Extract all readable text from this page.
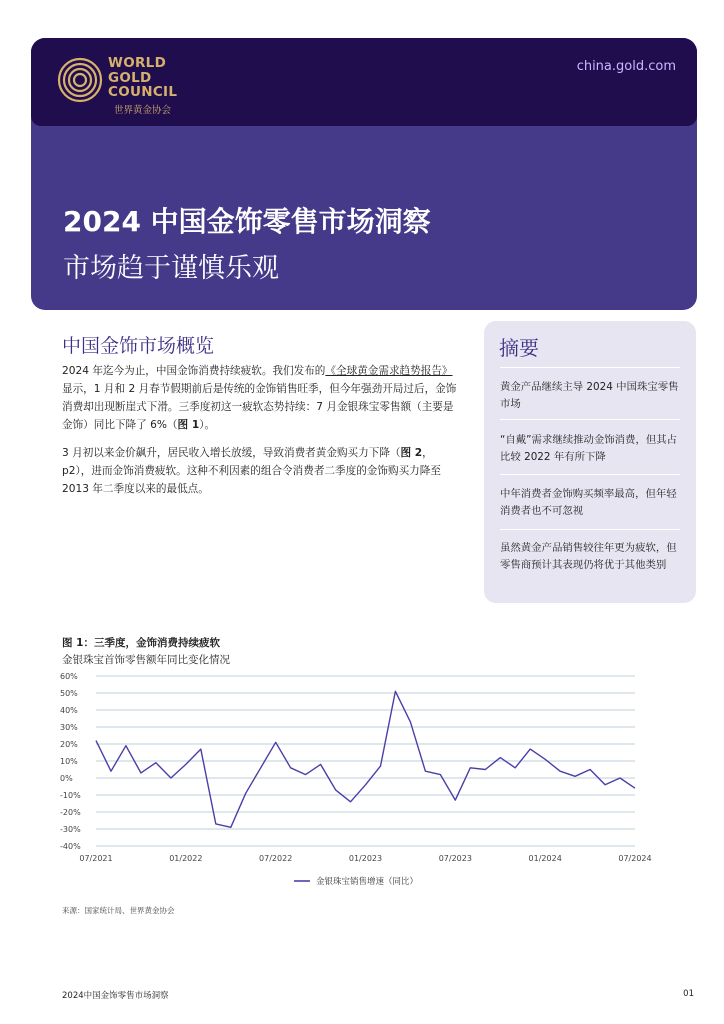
WORLD
GOLD
COUNCIL
世界黄金协会
china.gold.com
2024 中国金饰零售市场洞察
市场趋于谨慎乐观
中国金饰市场概览
2024 年迄今为止，中国金饰消费持续疲软。我们发布的《全球黄金需求趋势报告》显示，1 月和 2 月春节假期前后是传统的金饰销售旺季，但今年强劲开局过后，金饰消费却出现断崖式下滑。三季度初这一疲软态势持续：7 月金银珠宝零售额（主要是金饰）同比下降了 6%（图 1）。
3 月初以来金价飙升，居民收入增长放缓，导致消费者黄金购买力下降（图 2，p2），进而金饰消费疲软。这种不利因素的组合令消费者二季度的金饰购买力降至 2013 年二季度以来的最低点。
摘要
黄金产品继续主导 2024 中国珠宝零售市场
“自戴”需求继续推动金饰消费，但其占比较 2022 年有所下降
中年消费者金饰购买频率最高，但年轻消费者也不可忽视
虽然黄金产品销售较往年更为疲软，但零售商预计其表现仍将优于其他类别
图 1：三季度，金饰消费持续疲软
金银珠宝首饰零售额年同比变化情况
60%
50%
40%
30%
20%
10%
0%
-10%
-20%
-30%
-40%
07/2021	01/2022	07/2022	01/2023	07/2023	01/2024	07/2024
金银珠宝销售增速（同比）
来源：国家统计局、世界黄金协会
2024中国金饰零售市场洞察	01
